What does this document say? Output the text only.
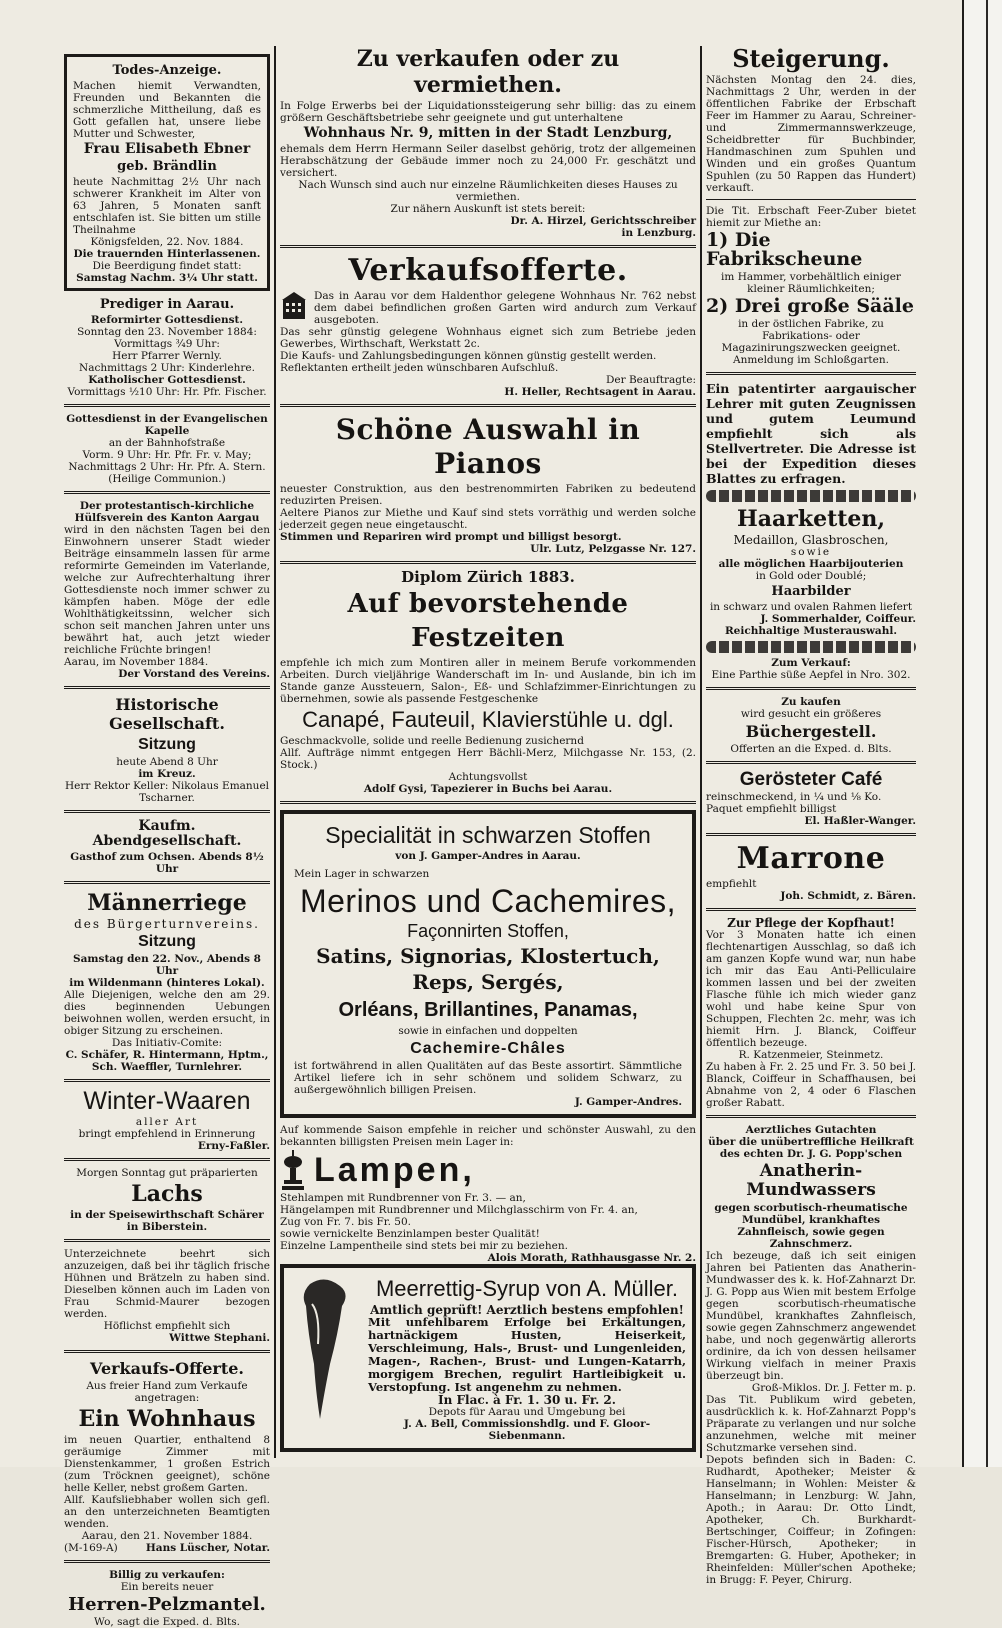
Todes-Anzeige.

Machen hiemit Verwandten, Freunden und Bekannten die schmerzliche Mittheilung, daß es Gott gefallen hat, unsere liebe Mutter und Schwester,

Frau Elisabeth Ebner
geb. Brändlin

heute Nachmittag 2½ Uhr nach schwerer Krankheit im Alter von 63 Jahren, 5 Monaten sanft entschlafen ist. Sie bitten um stille Theilnahme

Königsfelden, 22. Nov. 1884.

Die trauernden Hinterlassenen.

Die Beerdigung findet statt:

Samstag Nachm. 3¼ Uhr statt.

Prediger in Aarau.

Reformirter Gottesdienst.

Sonntag den 23. November 1884:

Vormittags ¾9 Uhr:

Herr Pfarrer Wernly.

Nachmittags 2 Uhr: Kinderlehre.

Katholischer Gottesdienst.

Vormittags ½10 Uhr: Hr. Pfr. Fischer.

Gottesdienst in der Evangelischen Kapelle

an der Bahnhofstraße

Vorm. 9 Uhr: Hr. Pfr. Fr. v. May;

Nachmittags 2 Uhr: Hr. Pfr. A. Stern.

(Heilige Communion.)

Der protestantisch-kirchliche Hülfsverein des Kanton Aargau

wird in den nächsten Tagen bei den Einwohnern unserer Stadt wieder Beiträge einsammeln lassen für arme reformirte Gemeinden im Vaterlande, welche zur Aufrechterhaltung ihrer Gottesdienste noch immer schwer zu kämpfen haben. Möge der edle Wohlthätigkeitssinn, welcher sich schon seit manchen Jahren unter uns bewährt hat, auch jetzt wieder reichliche Früchte bringen!

Aarau, im November 1884.

Der Vorstand des Vereins.

Historische Gesellschaft.
Sitzung

heute Abend 8 Uhr

im Kreuz.

Herr Rektor Keller: Nikolaus Emanuel Tscharner.

Kaufm. Abendgesellschaft.

Gasthof zum Ochsen. Abends 8½ Uhr

Männerriege

des Bürgerturnvereins.

Sitzung

Samstag den 22. Nov., Abends 8 Uhr

im Wildenmann (hinteres Lokal).

Alle Diejenigen, welche den am 29. dies beginnenden Uebungen beiwohnen wollen, werden ersucht, in obiger Sitzung zu erscheinen.

Das Initiativ-Comite:

C. Schäfer, R. Hintermann, Hptm., Sch. Waeffler, Turnlehrer.

Winter-Waaren

aller Art

bringt empfehlend in Erinnerung

Erny-Faßler.

Morgen Sonntag gut präparierten

Lachs

in der Speisewirthschaft Schärer in Biberstein.

Unterzeichnete beehrt sich anzuzeigen, daß bei ihr täglich frische Hühnen und Brätzeln zu haben sind. Dieselben können auch im Laden von Frau Schmid-Maurer bezogen werden.

Höflichst empfiehlt sich

Wittwe Stephani.

Verkaufs-Offerte.

Aus freier Hand zum Verkaufe angetragen:

Ein Wohnhaus

im neuen Quartier, enthaltend 8 geräumige Zimmer mit Dienstenkammer, 1 großen Estrich (zum Tröcknen geeignet), schöne helle Keller, nebst großem Garten.

Allf. Kaufsliebhaber wollen sich gefl. an den unterzeichneten Beamtigten wenden.

Aarau, den 21. November 1884.

(M-169-A)	Hans Lüscher, Notar.

Billig zu verkaufen:

Ein bereits neuer

Herren-Pelzmantel.

Wo, sagt die Exped. d. Blts.

Zu verkaufen oder zu vermiethen.

In Folge Erwerbs bei der Liquidationssteigerung sehr billig: das zu einem größern Geschäftsbetriebe sehr geeignete und gut unterhaltene

Wohnhaus Nr. 9, mitten in der Stadt Lenzburg,

ehemals dem Herrn Hermann Seiler daselbst gehörig, trotz der allgemeinen Herabschätzung der Gebäude immer noch zu 24,000 Fr. geschätzt und versichert.

Nach Wunsch sind auch nur einzelne Räumlichkeiten dieses Hauses zu vermiethen.

Zur nähern Auskunft ist stets bereit:

Dr. A. Hirzel, Gerichtsschreiber

in Lenzburg.

Verkaufsofferte.

Das in Aarau vor dem Haldenthor gelegene Wohnhaus Nr. 762 nebst dem dabei befindlichen großen Garten wird andurch zum Verkauf ausgeboten.

Das sehr günstig gelegene Wohnhaus eignet sich zum Betriebe jeden Gewerbes, Wirthschaft, Werkstatt 2c.

Die Kaufs- und Zahlungsbedingungen können günstig gestellt werden.

Reflektanten ertheilt jeden wünschbaren Aufschluß.

Der Beauftragte:

H. Heller, Rechtsagent in Aarau.

Schöne Auswahl in Pianos

neuester Construktion, aus den bestrenommirten Fabriken zu bedeutend reduzirten Preisen.

Aeltere Pianos zur Miethe und Kauf sind stets vorräthig und werden solche jederzeit gegen neue eingetauscht.

Stimmen und Repariren wird prompt und billigst besorgt.

Ulr. Lutz, Pelzgasse Nr. 127.

Diplom Zürich 1883.
Auf bevorstehende Festzeiten

empfehle ich mich zum Montiren aller in meinem Berufe vorkommenden Arbeiten. Durch vieljährige Wanderschaft im In- und Auslande, bin ich im Stande ganze Aussteuern, Salon-, Eß- und Schlafzimmer-Einrichtungen zu übernehmen, sowie als passende Festgeschenke

Canapé, Fauteuil, Klavierstühle u. dgl.

Geschmackvolle, solide und reelle Bedienung zusichernd

Allf. Aufträge nimmt entgegen Herr Bächli-Merz, Milchgasse Nr. 153, (2. Stock.)

Achtungsvollst

Adolf Gysi, Tapezierer in Buchs bei Aarau.

Specialität in schwarzen Stoffen

von J. Gamper-Andres in Aarau.

Mein Lager in schwarzen

Merinos und Cachemires,
Façonnirten Stoffen,
Satins, Signorias, Klostertuch, Reps, Sergés,
Orléans, Brillantines, Panamas,

sowie in einfachen und doppelten

Cachemire-Châles

ist fortwährend in allen Qualitäten auf das Beste assortirt. Sämmtliche Artikel liefere ich in sehr schönem und solidem Schwarz, zu außergewöhnlich billigen Preisen.

J. Gamper-Andres.

Auf kommende Saison empfehle in reicher und schönster Auswahl, zu den bekannten billigsten Preisen mein Lager in:

Lampen,

Stehlampen mit Rundbrenner von Fr. 3. — an,

Hängelampen mit Rundbrenner und Milchglasschirm von Fr. 4. an,

Zug von Fr. 7. bis Fr. 50.

sowie vernickelte Benzinlampen bester Qualität!

Einzelne Lampentheile sind stets bei mir zu beziehen.

Alois Morath, Rathhausgasse Nr. 2.

Meerrettig-Syrup von A. Müller.

Amtlich geprüft! Aerztlich bestens empfohlen!

Mit unfehlbarem Erfolge bei Erkältungen, hartnäckigem Husten, Heiserkeit, Verschleimung, Hals-, Brust- und Lungenleiden, Magen-, Rachen-, Brust- und Lungen-Katarrh, morgigem Brechen, regulirt Hartleibigkeit u. Verstopfung. Ist angenehm zu nehmen.

In Flac. à Fr. 1. 30 u. Fr. 2.

Depots für Aarau und Umgebung bei

J. A. Bell, Commissionshdlg. und F. Gloor-Siebenmann.

Steigerung.

Nächsten Montag den 24. dies, Nachmittags 2 Uhr, werden in der öffentlichen Fabrike der Erbschaft Feer im Hammer zu Aarau, Schreiner- und Zimmermannswerkzeuge, Scheidbretter für Buchbinder, Handmaschinen zum Spuhlen und Winden und ein großes Quantum Spuhlen (zu 50 Rappen das Hundert) verkauft.

Die Tit. Erbschaft Feer-Zuber bietet hiemit zur Miethe an:

1) Die Fabrikscheune

im Hammer, vorbehältlich einiger kleiner Räumlichkeiten;

2) Drei große Sääle

in der östlichen Fabrike, zu Fabrikations- oder Magazinirungszwecken geeignet.

Anmeldung im Schloßgarten.

Ein patentirter aargauischer Lehrer mit guten Zeugnissen und gutem Leumund empfiehlt sich als Stellvertreter. Die Adresse ist bei der Expedition dieses Blattes zu erfragen.

Haarketten,

Medaillon, Glasbroschen,

sowie

alle möglichen Haarbijouterien

in Gold oder Doublé;

Haarbilder

in schwarz und ovalen Rahmen liefert

J. Sommerhalder, Coiffeur.

Reichhaltige Musterauswahl.

Zum Verkauf:

Eine Parthie süße Aepfel in Nro. 302.

Zu kaufen

wird gesucht ein größeres

Büchergestell.

Offerten an die Exped. d. Blts.

Gerösteter Café

reinschmeckend, in ¼ und ⅛ Ko. Paquet empfiehlt billigst

El. Haßler-Wanger.

Marrone

empfiehlt

Joh. Schmidt, z. Bären.

Zur Pflege der Kopfhaut!

Vor 3 Monaten hatte ich einen flechtenartigen Ausschlag, so daß ich am ganzen Kopfe wund war, nun habe ich mir das Eau Anti-Pelliculaire kommen lassen und bei der zweiten Flasche fühle ich mich wieder ganz wohl und habe keine Spur von Schuppen, Flechten 2c. mehr, was ich hiemit Hrn. J. Blanck, Coiffeur öffentlich bezeuge.

R. Katzenmeier, Steinmetz.

Zu haben à Fr. 2. 25 und Fr. 3. 50 bei J. Blanck, Coiffeur in Schaffhausen, bei Abnahme von 2, 4 oder 6 Flaschen großer Rabatt.

Aerztliches Gutachten

über die unübertreffliche Heilkraft des echten Dr. J. G. Popp'schen

Anatherin-Mundwassers

gegen scorbutisch-rheumatische Mundübel, krankhaftes Zahnfleisch, sowie gegen Zahnschmerz.

Ich bezeuge, daß ich seit einigen Jahren bei Patienten das Anatherin-Mundwasser des k. k. Hof-Zahnarzt Dr. J. G. Popp aus Wien mit bestem Erfolge gegen scorbutisch-rheumatische Mundübel, krankhaftes Zahnfleisch, sowie gegen Zahnschmerz angewendet habe, und noch gegenwärtig allerorts ordinire, da ich von dessen heilsamer Wirkung vielfach in meiner Praxis überzeugt bin.

Groß-Miklos. Dr. J. Fetter m. p.

Das Tit. Publikum wird gebeten, ausdrücklich k. k. Hof-Zahnarzt Popp's Präparate zu verlangen und nur solche anzunehmen, welche mit meiner Schutzmarke versehen sind.

Depots befinden sich in Baden: C. Rudhardt, Apotheker; Meister & Hanselmann; in Wohlen: Meister & Hanselmann; in Lenzburg: W. Jahn, Apoth.; in Aarau: Dr. Otto Lindt, Apotheker, Ch. Burkhardt-Bertschinger, Coiffeur; in Zofingen: Fischer-Hürsch, Apotheker; in Bremgarten: G. Huber, Apotheker; in Rheinfelden: Müller'schen Apotheke; in Brugg: F. Peyer, Chirurg.
